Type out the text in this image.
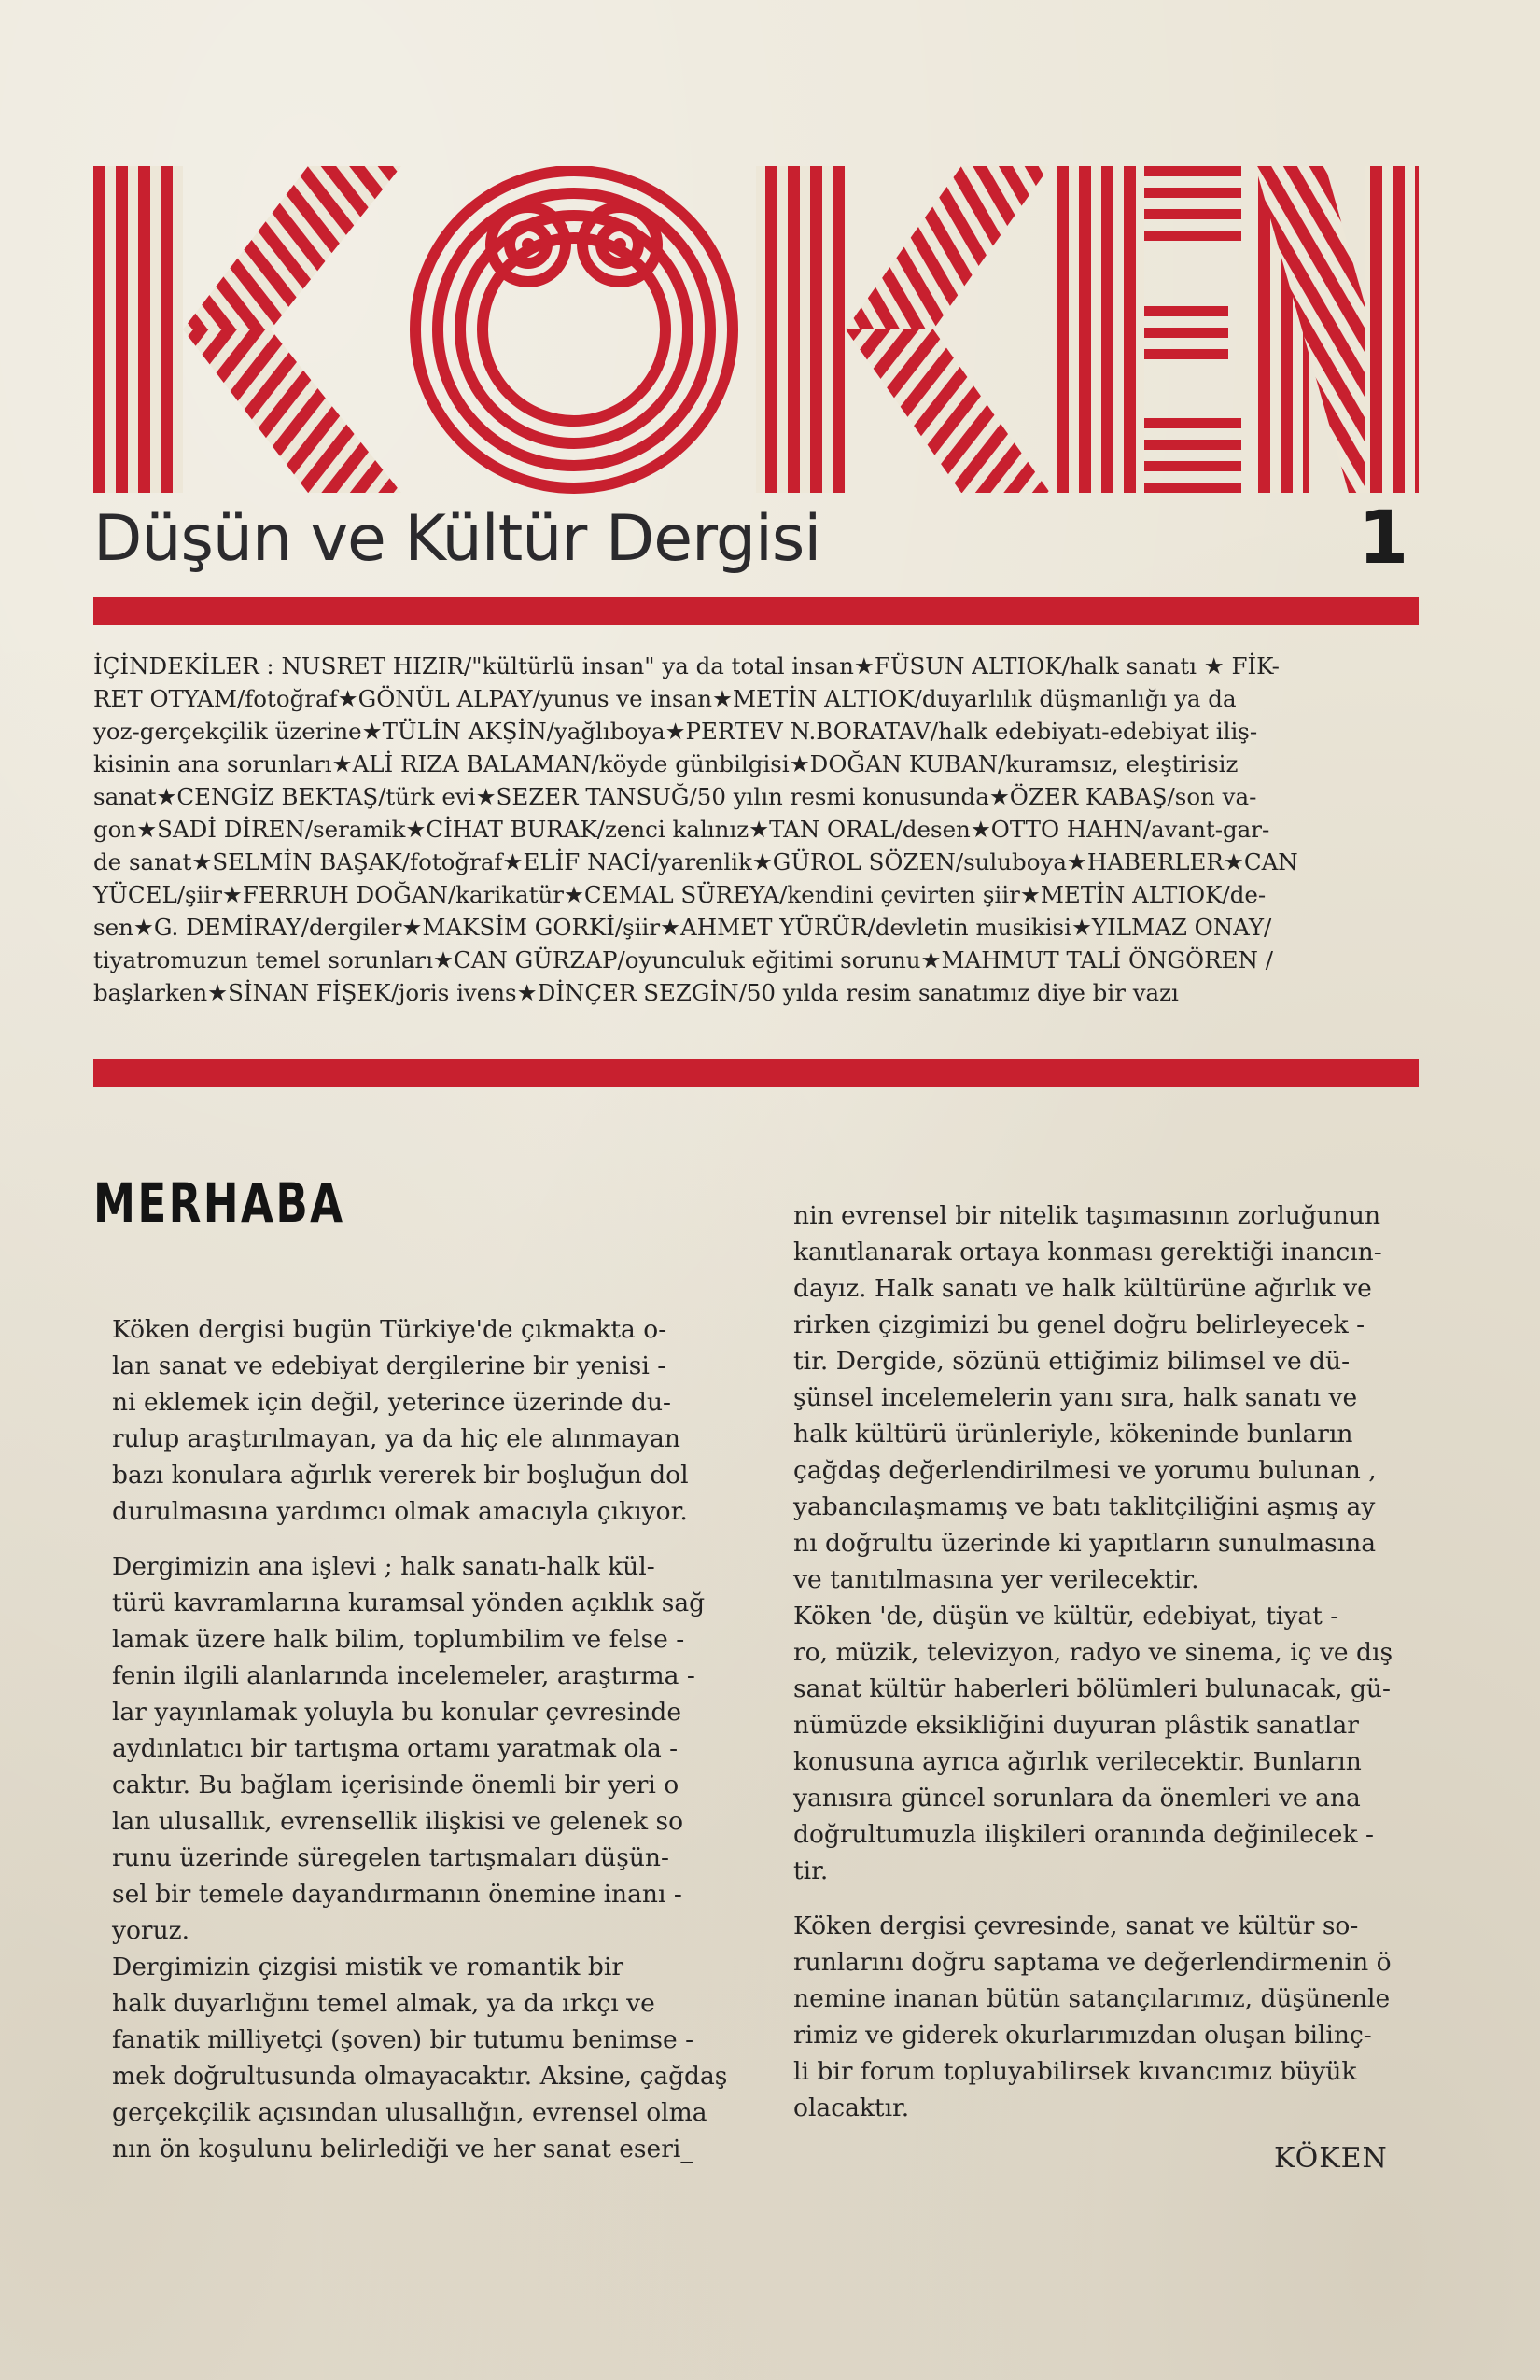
Düşün ve Kültür Dergisi	1

İÇİNDEKİLER : NUSRET HIZIR/"kültürlü insan" ya da total insan★FÜSUN ALTIOK/halk sanatı ★ FİK-

RET OTYAM/fotoğraf★GÖNÜL ALPAY/yunus ve insan★METİN ALTIOK/duyarlılık düşmanlığı ya da

yoz-gerçekçilik üzerine★TÜLİN AKŞİN/yağlıboya★PERTEV N.BORATAV/halk edebiyatı-edebiyat iliş-

kisinin ana sorunları★ALİ RIZA BALAMAN/köyde günbilgisi★DOĞAN KUBAN/kuramsız, eleştirisiz

sanat★CENGİZ BEKTAŞ/türk evi★SEZER TANSUĞ/50 yılın resmi konusunda★ÖZER KABAŞ/son va-

gon★SADİ DİREN/seramik★CİHAT BURAK/zenci kalınız★TAN ORAL/desen★OTTO HAHN/avant-gar-

de sanat★SELMİN BAŞAK/fotoğraf★ELİF NACİ/yarenlik★GÜROL SÖZEN/suluboya★HABERLER★CAN

YÜCEL/şiir★FERRUH DOĞAN/karikatür★CEMAL SÜREYA/kendini çevirten şiir★METİN ALTIOK/de-

sen★G. DEMİRAY/dergiler★MAKSİM GORKİ/şiir★AHMET YÜRÜR/devletin musikisi★YILMAZ ONAY/

tiyatromuzun temel sorunları★CAN GÜRZAP/oyunculuk eğitimi sorunu★MAHMUT TALİ ÖNGÖREN /

başlarken★SİNAN FİŞEK/joris ivens★DİNÇER SEZGİN/50 yılda resim sanatımız diye bir vazı

MERHABA

Köken dergisi bugün Türkiye'de çıkmakta o-

lan sanat ve edebiyat dergilerine bir yenisi -

ni eklemek için değil, yeterince üzerinde du-

rulup araştırılmayan, ya da hiç ele alınmayan

bazı konulara ağırlık vererek bir boşluğun dol

durulmasına yardımcı olmak amacıyla çıkıyor.

Dergimizin ana işlevi ; halk sanatı-halk kül-

türü kavramlarına kuramsal yönden açıklık sağ

lamak üzere halk bilim, toplumbilim ve felse -

fenin ilgili alanlarında incelemeler, araştırma -

lar yayınlamak yoluyla bu konular çevresinde

aydınlatıcı bir tartışma ortamı yaratmak ola -

caktır. Bu bağlam içerisinde önemli bir yeri o

lan ulusallık, evrensellik ilişkisi ve gelenek so

runu üzerinde süregelen tartışmaları düşün-

sel bir temele dayandırmanın önemine inanı -

yoruz.

Dergimizin çizgisi mistik ve romantik bir

halk duyarlığını temel almak, ya da ırkçı ve

fanatik milliyetçi (şoven) bir tutumu benimse -

mek doğrultusunda olmayacaktır. Aksine, çağdaş

gerçekçilik açısından ulusallığın, evrensel olma

nın ön koşulunu belirlediği ve her sanat eseri_

nin evrensel bir nitelik taşımasının zorluğunun

kanıtlanarak ortaya konması gerektiği inancın-

dayız. Halk sanatı ve halk kültürüne ağırlık ve

rirken çizgimizi bu genel doğru belirleyecek -

tir. Dergide, sözünü ettiğimiz bilimsel ve dü-

şünsel incelemelerin yanı sıra, halk sanatı ve

halk kültürü ürünleriyle, kökeninde bunların

çağdaş değerlendirilmesi ve yorumu bulunan ,

yabancılaşmamış ve batı taklitçiliğini aşmış ay

nı doğrultu üzerinde ki yapıtların sunulmasına

ve tanıtılmasına yer verilecektir.

Köken 'de, düşün ve kültür, edebiyat, tiyat -

ro, müzik, televizyon, radyo ve sinema, iç ve dış

sanat kültür haberleri bölümleri bulunacak, gü-

nümüzde eksikliğini duyuran plâstik sanatlar

konusuna ayrıca ağırlık verilecektir. Bunların

yanısıra güncel sorunlara da önemleri ve ana

doğrultumuzla ilişkileri oranında değinilecek -

tir.

Köken dergisi çevresinde, sanat ve kültür so-

runlarını doğru saptama ve değerlendirmenin ö

nemine inanan bütün satançılarımız, düşünenle

rimiz ve giderek okurlarımızdan oluşan bilinç-

li bir forum topluyabilirsek kıvancımız büyük

olacaktır.

KÖKEN
